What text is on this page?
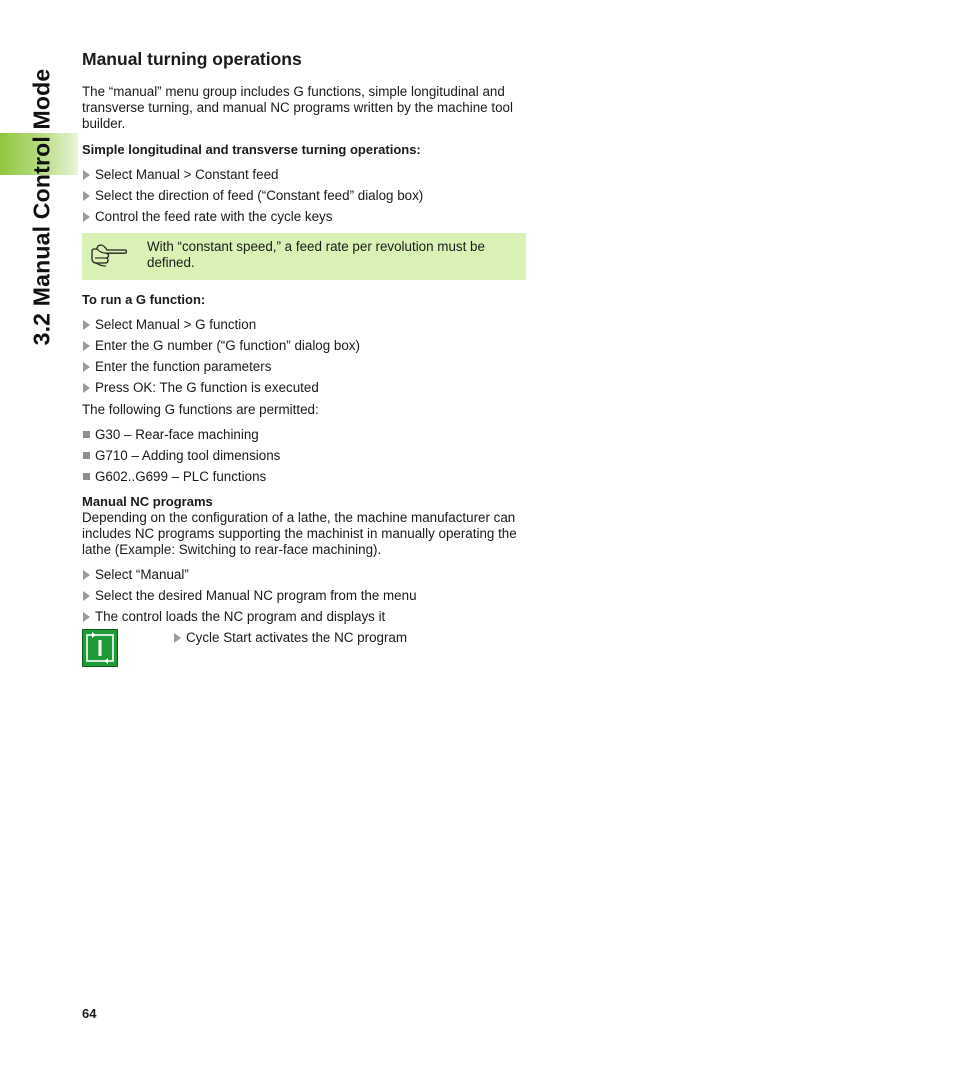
3.2 Manual Control Mode
Manual turning operations

The “manual” menu group includes G functions, simple longitudinal and transverse turning, and manual NC programs written by the machine tool builder.

Simple longitudinal and transverse turning operations:

Select Manual > Constant feed
Select the direction of feed (“Constant feed” dialog box)
Control the feed rate with the cycle keys

With “constant speed,” a feed rate per revolution must be defined.

To run a G function:

Select Manual > G function
Enter the G number (“G function” dialog box)
Enter the function parameters
Press OK: The G function is executed

The following G functions are permitted:

G30 – Rear-face machining
G710 – Adding tool dimensions
G602..G699 – PLC functions

Manual NC programs

Depending on the configuration of a lathe, the machine manufacturer can includes NC programs supporting the machinist in manually operating the lathe (Example: Switching to rear-face machining).

Select “Manual”
Select the desired Manual NC program from the menu
The control loads the NC program and displays it
Cycle Start activates the NC program
64
